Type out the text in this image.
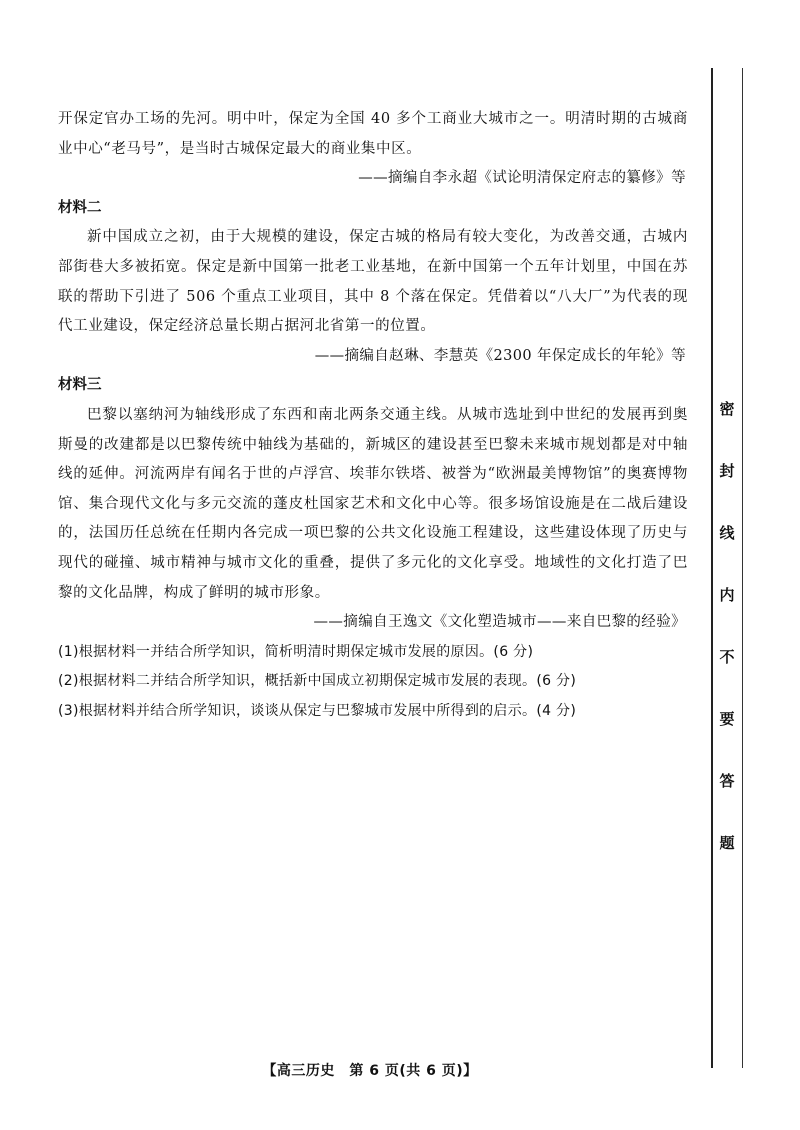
开保定官办工场的先河。明中叶，保定为全国 40 多个工商业大城市之一。明清时期的古城商业中心“老马号”，是当时古城保定最大的商业集中区。

——摘编自李永超《试论明清保定府志的纂修》等

材料二

新中国成立之初，由于大规模的建设，保定古城的格局有较大变化，为改善交通，古城内部街巷大多被拓宽。保定是新中国第一批老工业基地，在新中国第一个五年计划里，中国在苏联的帮助下引进了 506 个重点工业项目，其中 8 个落在保定。凭借着以“八大厂”为代表的现代工业建设，保定经济总量长期占据河北省第一的位置。

——摘编自赵琳、李慧英《2300 年保定成长的年轮》等

材料三

巴黎以塞纳河为轴线形成了东西和南北两条交通主线。从城市选址到中世纪的发展再到奥斯曼的改建都是以巴黎传统中轴线为基础的，新城区的建设甚至巴黎未来城市规划都是对中轴线的延伸。河流两岸有闻名于世的卢浮宫、埃菲尔铁塔、被誉为“欧洲最美博物馆”的奥赛博物馆、集合现代文化与多元交流的蓬皮杜国家艺术和文化中心等。很多场馆设施是在二战后建设的，法国历任总统在任期内各完成一项巴黎的公共文化设施工程建设，这些建设体现了历史与现代的碰撞、城市精神与城市文化的重叠，提供了多元化的文化享受。地域性的文化打造了巴黎的文化品牌，构成了鲜明的城市形象。

——摘编自王逸文《文化塑造城市——来自巴黎的经验》

(1)根据材料一并结合所学知识，简析明清时期保定城市发展的原因。(6 分)

(2)根据材料二并结合所学知识，概括新中国成立初期保定城市发展的表现。(6 分)

(3)根据材料并结合所学知识，谈谈从保定与巴黎城市发展中所得到的启示。(4 分)

【高三历史　第 6 页(共 6 页)】
密
封
线
内
不
要
答
题
